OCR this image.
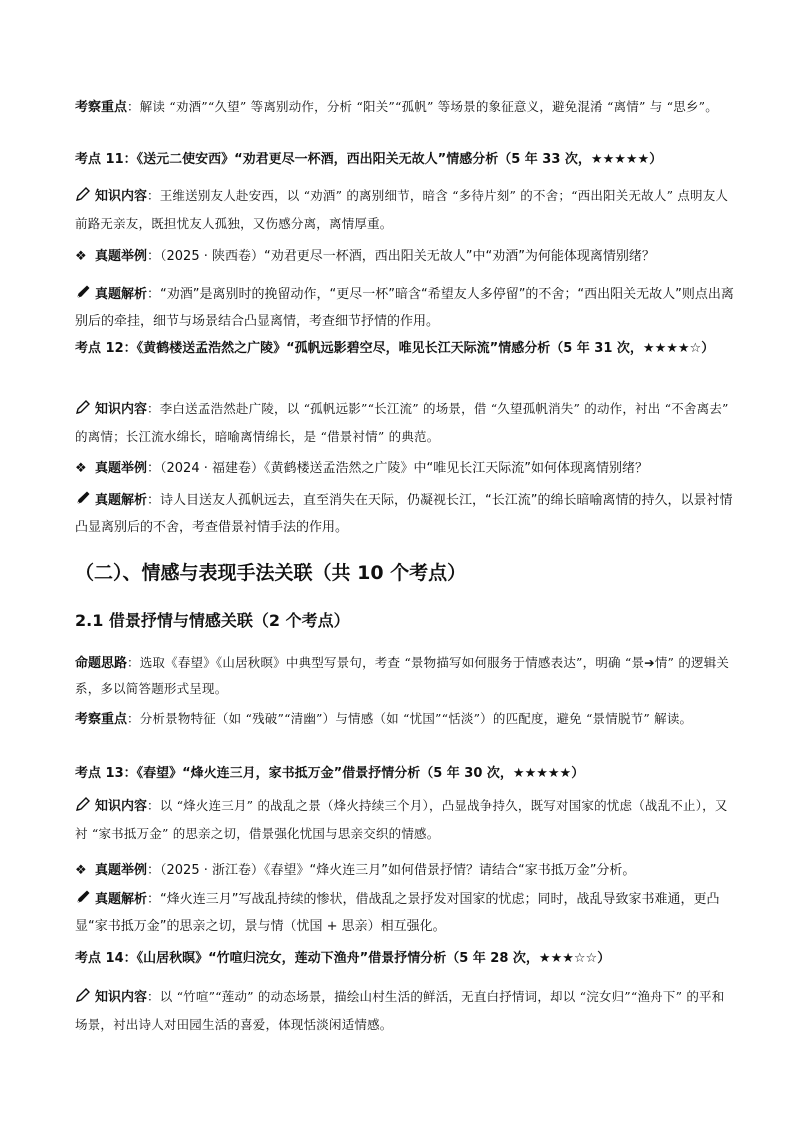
考察重点：解读 “劝酒”“久望” 等离别动作，分析 “阳关”“孤帆” 等场景的象征意义，避免混淆 “离情” 与 “思乡”。
考点 11：《送元二使安西》“劝君更尽一杯酒，西出阳关无故人”情感分析（5 年 33 次，★★★★★）
知识内容：王维送别友人赴安西，以 “劝酒” 的离别细节，暗含 “多待片刻” 的不舍；“西出阳关无故人” 点明友人前路无亲友，既担忧友人孤独，又伤感分离，离情厚重。
❖ 真题举例：（2025 · 陕西卷）“劝君更尽一杯酒，西出阳关无故人”中“劝酒”为何能体现离情别绪？
真题解析：“劝酒”是离别时的挽留动作，“更尽一杯”暗含“希望友人多停留”的不舍；“西出阳关无故人”则点出离别后的牵挂，细节与场景结合凸显离情，考查细节抒情的作用。
考点 12：《黄鹤楼送孟浩然之广陵》“孤帆远影碧空尽，唯见长江天际流”情感分析（5 年 31 次，★★★★☆）
知识内容：李白送孟浩然赴广陵，以 “孤帆远影”“长江流” 的场景，借 “久望孤帆消失” 的动作，衬出 “不舍离去” 的离情；长江流水绵长，暗喻离情绵长，是 “借景衬情” 的典范。
❖ 真题举例：（2024 · 福建卷）《黄鹤楼送孟浩然之广陵》中“唯见长江天际流”如何体现离情别绪？
真题解析：诗人目送友人孤帆远去，直至消失在天际，仍凝视长江，“长江流”的绵长暗喻离情的持久，以景衬情凸显离别后的不舍，考查借景衬情手法的作用。
（二）、情感与表现手法关联（共 10 个考点）
2.1 借景抒情与情感关联（2 个考点）
命题思路：选取《春望》《山居秋暝》中典型写景句，考查 “景物描写如何服务于情感表达”，明确 “景➔情” 的逻辑关系，多以简答题形式呈现。
考察重点：分析景物特征（如 “残破”“清幽”）与情感（如 “忧国”“恬淡”）的匹配度，避免 “景情脱节” 解读。
考点 13：《春望》“烽火连三月，家书抵万金”借景抒情分析（5 年 30 次，★★★★★）
知识内容：以 “烽火连三月” 的战乱之景（烽火持续三个月），凸显战争持久，既写对国家的忧虑（战乱不止），又衬 “家书抵万金” 的思亲之切，借景强化忧国与思亲交织的情感。
❖ 真题举例：（2025 · 浙江卷）《春望》“烽火连三月”如何借景抒情？请结合“家书抵万金”分析。
真题解析：“烽火连三月”写战乱持续的惨状，借战乱之景抒发对国家的忧虑；同时，战乱导致家书难通，更凸显“家书抵万金”的思亲之切，景与情（忧国 + 思亲）相互强化。
考点 14：《山居秋暝》“竹喧归浣女，莲动下渔舟”借景抒情分析（5 年 28 次，★★★☆☆）
知识内容：以 “竹喧”“莲动” 的动态场景，描绘山村生活的鲜活，无直白抒情词，却以 “浣女归”“渔舟下” 的平和场景，衬出诗人对田园生活的喜爱，体现恬淡闲适情感。
